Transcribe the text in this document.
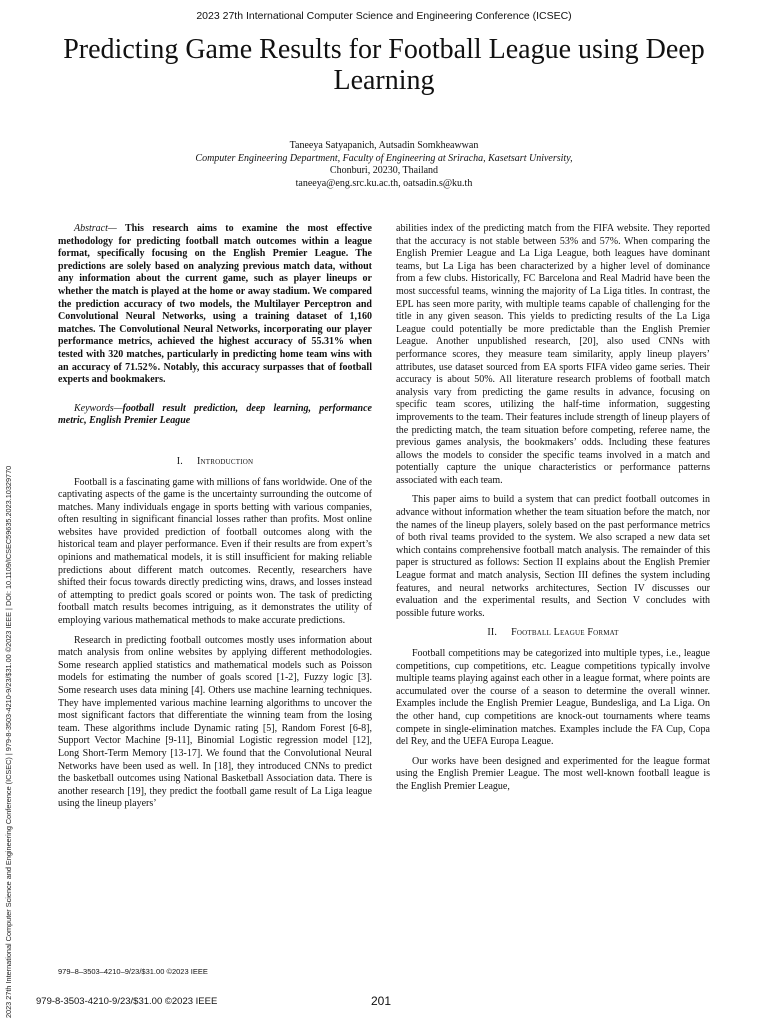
2023 27th International Computer Science and Engineering Conference (ICSEC)
Predicting Game Results for Football League using Deep Learning
Taneeya Satyapanich, Autsadin Somkheawwan
Computer Engineering Department, Faculty of Engineering at Sriracha, Kasetsart University,
Chonburi, 20230, Thailand
taneeya@eng.src.ku.ac.th, oatsadin.s@ku.th
2023 27th International Computer Science and Engineering Conference (ICSEC) | 979-8-3503-4210-9/23/$31.00 ©2023 IEEE | DOI: 10.1109/ICSEC59635.2023.10329770

Abstract— This research aims to examine the most effective methodology for predicting football match outcomes within a league format, specifically focusing on the English Premier League. The predictions are solely based on analyzing previous match data, without any information about the current game, such as player lineups or whether the match is played at the home or away stadium. We compared the prediction accuracy of two models, the Multilayer Perceptron and Convolutional Neural Networks, using a training dataset of 1,160 matches. The Convolutional Neural Networks, incorporating our player performance metrics, achieved the highest accuracy of 55.31% when tested with 320 matches, particularly in predicting home team wins with an accuracy of 71.52%. Notably, this accuracy surpasses that of football experts and bookmakers.

Keywords—football result prediction, deep learning, performance metric, English Premier League

I. Introduction

Football is a fascinating game with millions of fans worldwide. One of the captivating aspects of the game is the uncertainty surrounding the outcome of matches. Many individuals engage in sports betting with various companies, often resulting in significant financial losses rather than profits. Most online websites have provided prediction of football outcomes along with the historical team and player performance. Even if their results are from expert’s opinions and mathematical models, it is still insufficient for making reliable predictions about different match outcomes. Recently, researchers have shifted their focus towards directly predicting wins, draws, and losses instead of attempting to predict goals scored or points won. The task of predicting football match results becomes intriguing, as it demonstrates the utility of employing various mathematical methods to make accurate predictions.

Research in predicting football outcomes mostly uses information about match analysis from online websites by applying different methodologies. Some research applied statistics and mathematical models such as Poisson models for estimating the number of goals scored [1-2], Fuzzy logic [3]. Some research uses data mining [4]. Others use machine learning techniques. They have implemented various machine learning algorithms to uncover the most significant factors that differentiate the winning team from the losing team. These algorithms include Dynamic rating [5], Random Forest [6-8], Support Vector Machine [9-11], Binomial Logistic regression model [12], Long Short-Term Memory [13-17]. We found that the Convolutional Neural Networks have been used as well. In [18], they introduced CNNs to predict the basketball outcomes using National Basketball Association data. There is another research [19], they predict the football game result of La Liga league using the lineup players’

abilities index of the predicting match from the FIFA website. They reported that the accuracy is not stable between 53% and 57%. When comparing the English Premier League and La Liga League, both leagues have dominant teams, but La Liga has been characterized by a higher level of dominance from a few clubs. Historically, FC Barcelona and Real Madrid have been the most successful teams, winning the majority of La Liga titles. In contrast, the EPL has seen more parity, with multiple teams capable of challenging for the title in any given season. This yields to predicting results of the La Liga League could potentially be more predictable than the English Premier League. Another unpublished research, [20], also used CNNs with performance scores, they measure team similarity, apply lineup players’ attributes, use dataset sourced from EA sports FIFA video game series. Their accuracy is about 50%. All literature research problems of football match analysis vary from predicting the game results in advance, focusing on specific team scores, utilizing the half-time information, suggesting improvements to the team. Their features include strength of lineup players of the predicting match, the team situation before competing, referee name, the previous games analysis, the bookmakers’ odds. Including these features allows the models to consider the specific teams involved in a match and potentially capture the unique characteristics or performance patterns associated with each team.

This paper aims to build a system that can predict football outcomes in advance without information whether the team situation before the match, nor the names of the lineup players, solely based on the past performance metrics of both rival teams provided to the system. We also scraped a new data set which contains comprehensive football match analysis. The remainder of this paper is structured as follows: Section II explains about the English Premier League format and match analysis, Section III defines the system including features, and neural networks architectures, Section IV discusses our evaluation and the experimental results, and Section V concludes with possible future works.

II. Football League Format

Football competitions may be categorized into multiple types, i.e., league competitions, cup competitions, etc. League competitions typically involve multiple teams playing against each other in a league format, where points are accumulated over the course of a season to determine the overall winner. Examples include the English Premier League, Bundesliga, and La Liga. On the other hand, cup competitions are knock-out tournaments where teams compete in single-elimination matches. Examples include the FA Cup, Copa del Rey, and the UEFA Europa League.

Our works have been designed and experimented for the league format using the English Premier League. The most well-known football league is the English Premier League,

979–8–3503–4210–9/23/$31.00 ©2023 IEEE
979-8-3503-4210-9/23/$31.00 ©2023 IEEE	201
